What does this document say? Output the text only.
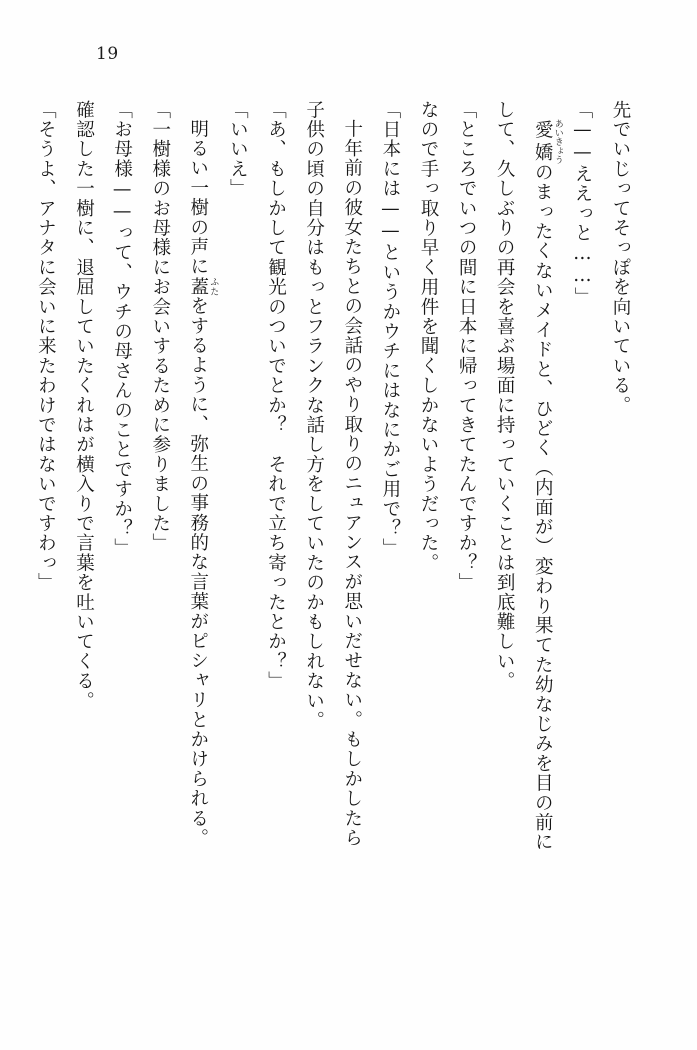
19
先でいじってそっぽを向いている。
「——ええっと……」
愛嬌 あいきょうのまったくないメイドと、ひどく（内面が）変わり果てた幼なじみを目の前に
して、久しぶりの再会を喜ぶ場面に持っていくことは到底難しい。
「ところでいつの間に日本に帰ってきてたんですか？」
なので手っ取り早く用件を聞くしかないようだった。
「日本には——というかウチにはなにかご用で？」
十年前の彼女たちとの会話のやり取りのニュアンスが思いだせない。もしかしたら
子供の頃の自分はもっとフランクな話し方をしていたのかもしれない。
「あ、もしかして観光のついでとか？　それで立ち寄ったとか？」
「いいえ」
明るい一樹の声に蓋 ふたをするように、弥生の事務的な言葉がピシャリとかけられる。
「一樹様のお母様にお会いするために参りました」
「お母様——って、ウチの母さんのことですか？」
確認した一樹に、退屈していたくれはが横入りで言葉を吐いてくる。
「そうよ、アナタに会いに来たわけではないですわっ」
